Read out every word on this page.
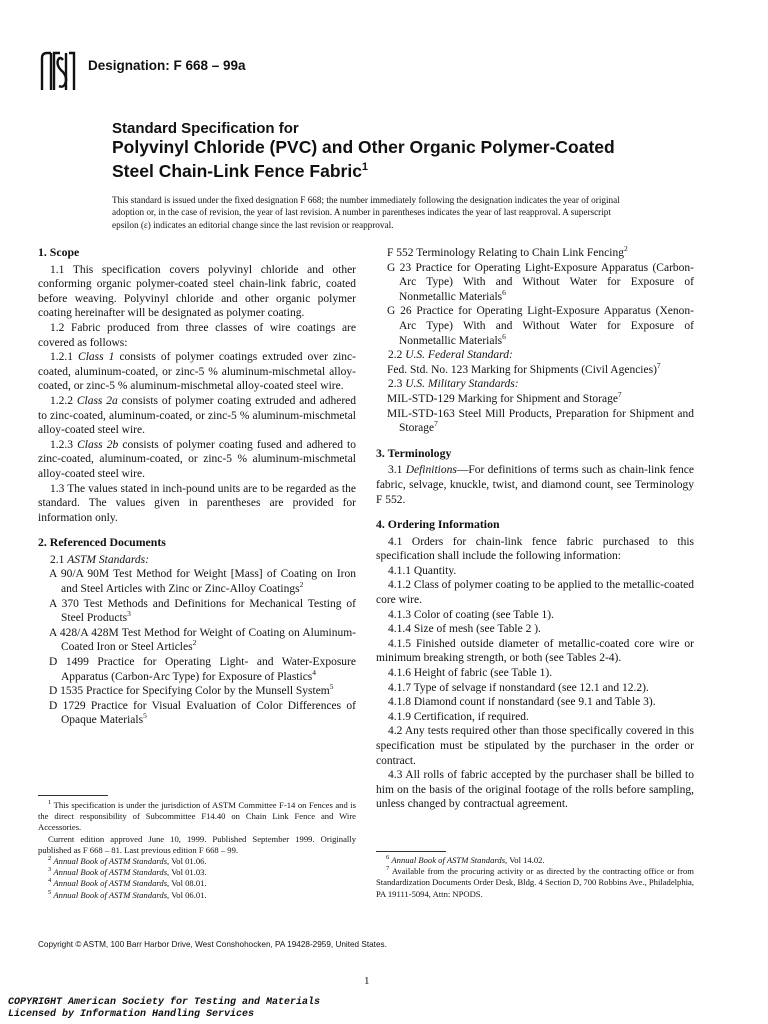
Designation: F 668 – 99a
Standard Specification for
Polyvinyl Chloride (PVC) and Other Organic Polymer-Coated
Steel Chain-Link Fence Fabric$^1$
This standard is issued under the fixed designation F 668; the number immediately following the designation indicates the year of original adoption or, in the case of revision, the year of last revision. A number in parentheses indicates the year of last reapproval. A superscript epsilon (ε) indicates an editorial change since the last revision or reapproval.
1. Scope

1.1 This specification covers polyvinyl chloride and other conforming organic polymer-coated steel chain-link fabric, coated before weaving. Polyvinyl chloride and other organic polymer coating hereinafter will be designated as polymer coating.

1.2 Fabric produced from three classes of wire coatings are covered as follows:

1.2.1 Class 1 consists of polymer coatings extruded over zinc-coated, aluminum-coated, or zinc-5 % aluminum-mischmetal alloy-coated, or zinc-5 % aluminum-mischmetal alloy-coated steel wire.

1.2.2 Class 2a consists of polymer coating extruded and adhered to zinc-coated, aluminum-coated, or zinc-5 % aluminum-mischmetal alloy-coated steel wire.

1.2.3 Class 2b consists of polymer coating fused and adhered to zinc-coated, aluminum-coated, or zinc-5 % aluminum-mischmetal alloy-coated steel wire.

1.3 The values stated in inch-pound units are to be regarded as the standard. The values given in parentheses are provided for information only.

2. Referenced Documents

2.1 ASTM Standards:

A 90/A 90M Test Method for Weight [Mass] of Coating on Iron and Steel Articles with Zinc or Zinc-Alloy Coatings$^2$

A 370 Test Methods and Definitions for Mechanical Testing of Steel Products$^3$

A 428/A 428M Test Method for Weight of Coating on Aluminum-Coated Iron or Steel Articles$^2$

D 1499 Practice for Operating Light- and Water-Exposure Apparatus (Carbon-Arc Type) for Exposure of Plastics$^4$

D 1535 Practice for Specifying Color by the Munsell System$^5$

D 1729 Practice for Visual Evaluation of Color Differences of Opaque Materials$^5$

F 552 Terminology Relating to Chain Link Fencing$^2$

G 23 Practice for Operating Light-Exposure Apparatus (Carbon-Arc Type) With and Without Water for Exposure of Nonmetallic Materials$^6$

G 26 Practice for Operating Light-Exposure Apparatus (Xenon-Arc Type) With and Without Water for Exposure of Nonmetallic Materials$^6$

2.2 U.S. Federal Standard:

Fed. Std. No. 123 Marking for Shipments (Civil Agencies)$^7$

2.3 U.S. Military Standards:

MIL-STD-129 Marking for Shipment and Storage$^7$

MIL-STD-163 Steel Mill Products, Preparation for Shipment and Storage$^7$

3. Terminology

3.1 Definitions—For definitions of terms such as chain-link fence fabric, selvage, knuckle, twist, and diamond count, see Terminology F 552.

4. Ordering Information

4.1 Orders for chain-link fence fabric purchased to this specification shall include the following information:

4.1.1 Quantity.

4.1.2 Class of polymer coating to be applied to the metallic-coated core wire.

4.1.3 Color of coating (see Table 1).

4.1.4 Size of mesh (see Table 2 ).

4.1.5 Finished outside diameter of metallic-coated core wire or minimum breaking strength, or both (see Tables 2-4).

4.1.6 Height of fabric (see Table 1).

4.1.7 Type of selvage if nonstandard (see 12.1 and 12.2).

4.1.8 Diamond count if nonstandard (see 9.1 and Table 3).

4.1.9 Certification, if required.

4.2 Any tests required other than those specifically covered in this specification must be stipulated by the purchaser in the order or contract.

4.3 All rolls of fabric accepted by the purchaser shall be billed to him on the basis of the original footage of the rolls before sampling, unless changed by contractual agreement.

$^1$ This specification is under the jurisdiction of ASTM Committee F-14 on Fences and is the direct responsibility of Subcommittee F14.40 on Chain Link Fence and Wire Accessories.

Current edition approved June 10, 1999. Published September 1999. Originally published as F 668 – 81. Last previous edition F 668 – 99.

$^2$ Annual Book of ASTM Standards, Vol 01.06.

$^3$ Annual Book of ASTM Standards, Vol 01.03.

$^4$ Annual Book of ASTM Standards, Vol 08.01.

$^5$ Annual Book of ASTM Standards, Vol 06.01.

$^6$ Annual Book of ASTM Standards, Vol 14.02.

$^7$ Available from the procuring activity or as directed by the contracting office or from Standardization Documents Order Desk, Bldg. 4 Section D, 700 Robbins Ave., Philadelphia, PA 19111-5094, Attn: NPODS.

Copyright © ASTM, 100 Barr Harbor Drive, West Conshohocken, PA 19428-2959, United States.
1
COPYRIGHT American Society for Testing and Materials
Licensed by Information Handling Services
